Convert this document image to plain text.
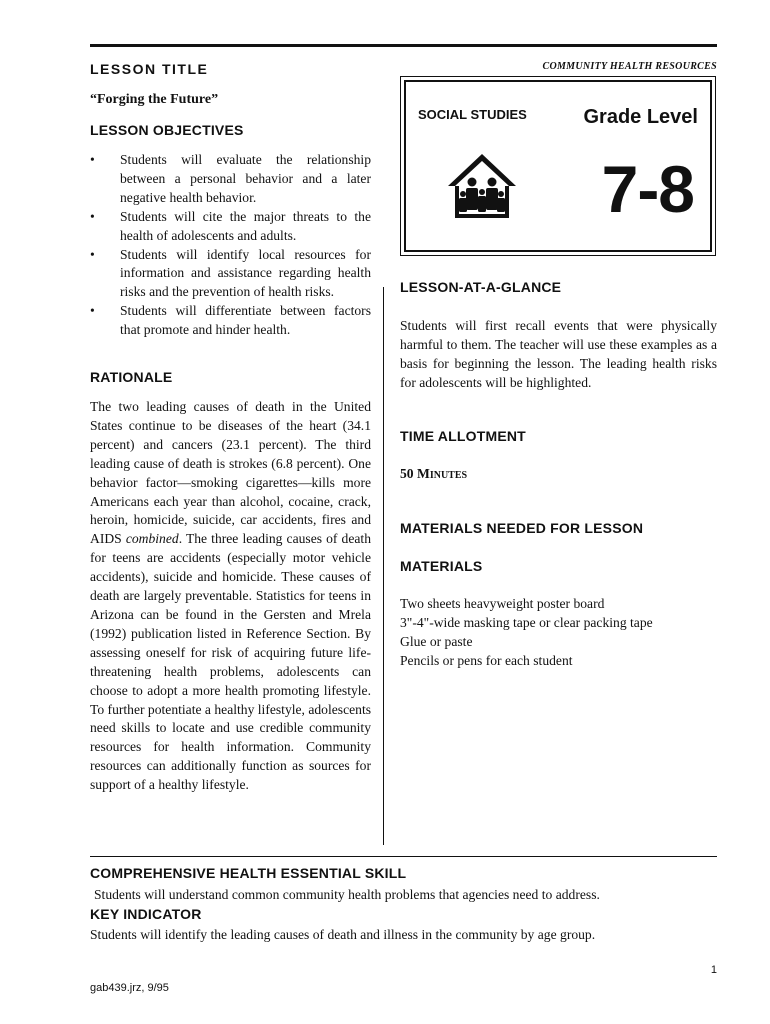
LESSON TITLE	COMMUNITY HEALTH RESOURCES
“Forging the Future”
LESSON OBJECTIVES
• Students will evaluate the relationship between a personal behavior and a later negative health behavior.
• Students will cite the major threats to the health of adolescents and adults.
• Students will identify local resources for information and assistance regarding health risks and the prevention of health risks.
• Students will differentiate between factors that promote and hinder health.
RATIONALE
The two leading causes of death in the United States continue to be diseases of the heart (34.1 percent) and cancers (23.1 percent). The third leading cause of death is strokes (6.8 percent). One behavior factor—smoking cigarettes—kills more Americans each year than alcohol, cocaine, crack, heroin, homicide, suicide, car accidents, fires and AIDS combined. The three leading causes of death for teens are accidents (especially motor vehicle accidents), suicide and homicide. These causes of death are largely preventable. Statistics for teens in Arizona can be found in the Gersten and Mrela (1992) publication listed in Reference Section. By assessing oneself for risk of acquiring future life-threatening health problems, adolescents can choose to adopt a more health promoting lifestyle. To further potentiate a healthy lifestyle, adolescents need skills to locate and use credible community resources for health information. Community resources can additionally function as sources for support of a healthy lifestyle.
SOCIAL STUDIES	Grade Level
7-8
LESSON-AT-A-GLANCE
Students will first recall events that were physically harmful to them. The teacher will use these examples as a basis for beginning the lesson. The leading health risks for adolescents will be highlighted.
TIME ALLOTMENT
50 MINUTES
MATERIALS NEEDED FOR LESSON
MATERIALS
Two sheets heavyweight poster board
3"-4"-wide masking tape or clear packing tape
Glue or paste
Pencils or pens for each student
COMPREHENSIVE HEALTH ESSENTIAL SKILL
Students will understand common community health problems that agencies need to address.
KEY INDICATOR
Students will identify the leading causes of death and illness in the community by age group.
1
gab439.jrz, 9/95
